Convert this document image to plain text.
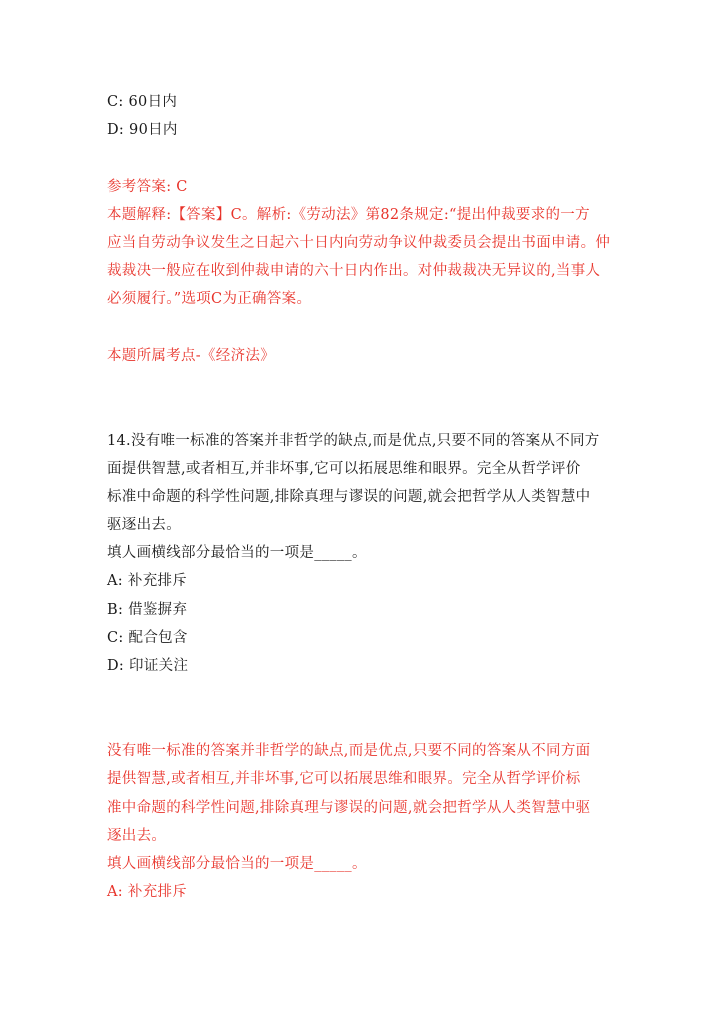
C: 60日内
D: 90日内
参考答案: C
本题解释:【答案】C。解析:《劳动法》第82条规定:“提出仲裁要求的一方
应当自劳动争议发生之日起六十日内向劳动争议仲裁委员会提出书面申请。仲
裁裁决一般应在收到仲裁申请的六十日内作出。对仲裁裁决无异议的,当事人
必须履行。”选项C为正确答案。
本题所属考点-《经济法》
14.没有唯一标准的答案并非哲学的缺点,而是优点,只要不同的答案从不同方
面提供智慧,或者相互,并非坏事,它可以拓展思维和眼界。完全从哲学评价
标准中命题的科学性问题,排除真理与谬误的问题,就会把哲学从人类智慧中
驱逐出去。
填人画横线部分最恰当的一项是_____。
A: 补充排斥
B: 借鉴摒弃
C: 配合包含
D: 印证关注
没有唯一标准的答案并非哲学的缺点,而是优点,只要不同的答案从不同方面
提供智慧,或者相互,并非坏事,它可以拓展思维和眼界。完全从哲学评价标
准中命题的科学性问题,排除真理与谬误的问题,就会把哲学从人类智慧中驱
逐出去。
填人画横线部分最恰当的一项是_____。
A: 补充排斥
